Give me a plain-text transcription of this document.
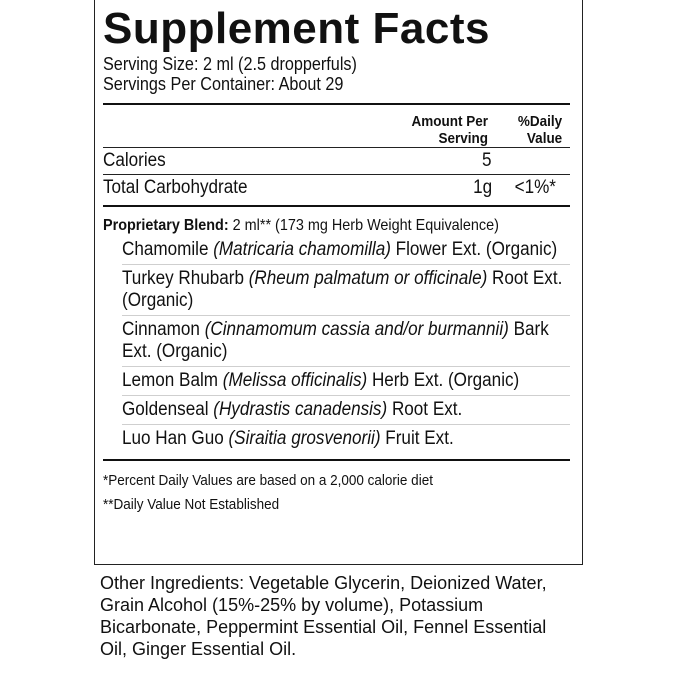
Supplement Facts
Serving Size: 2 ml (2.5 dropperfuls)
Servings Per Container: About 29
Amount Per
Serving
%Daily
Value
Calories	5
Total Carbohydrate	1g <1%*
Proprietary Blend: 2 ml** (173 mg Herb Weight Equivalence)
Chamomile (Matricaria chamomilla) Flower Ext. (Organic)
Turkey Rhubarb (Rheum palmatum or officinale) Root Ext. (Organic)
Cinnamon (Cinnamomum cassia and/or burmannii) Bark Ext. (Organic)
Lemon Balm (Melissa officinalis) Herb Ext. (Organic)
Goldenseal (Hydrastis canadensis) Root Ext.
Luo Han Guo (Siraitia grosvenorii) Fruit Ext.
*Percent Daily Values are based on a 2,000 calorie diet
**Daily Value Not Established
Other Ingredients: Vegetable Glycerin, Deionized Water, Grain Alcohol (15%-25% by volume), Potassium Bicarbonate, Peppermint Essential Oil, Fennel Essential Oil, Ginger Essential Oil.
